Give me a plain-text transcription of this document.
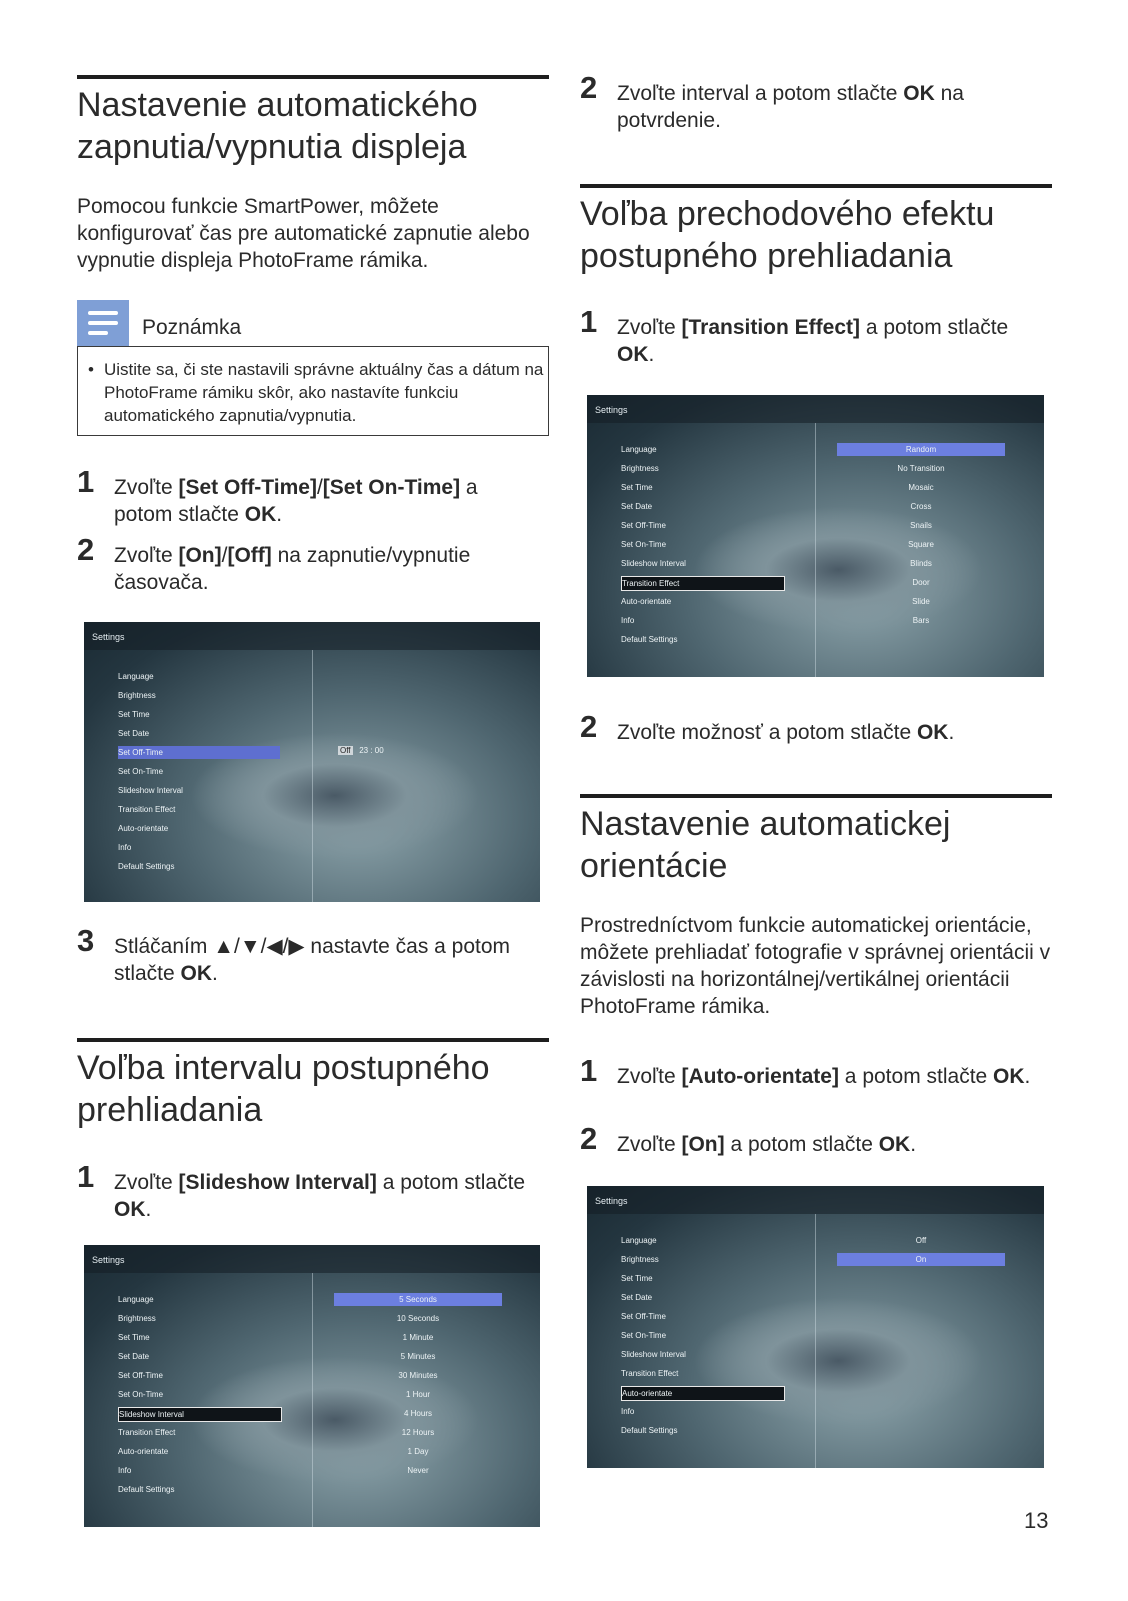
Nastavenie automatického zapnutia/vypnutia displeja

Pomocou funkcie SmartPower, môžete konfigurovať čas pre automatické zapnutie alebo vypnutie displeja PhotoFrame rámika.

Poznámka
• Uistite sa, či ste nastavili správne aktuálny čas a dátum na PhotoFrame rámiku skôr, ako nastavíte funkciu automatického zapnutia/vypnutia.
1 Zvoľte [Set Off-Time]/[Set On-Time] a potom stlačte OK.
2 Zvoľte [On]/[Off] na zapnutie/vypnutie časovača.
Settings
Language
Brightness
Set Time
Set Date
Set Off-Time
Set On-Time
Slideshow Interval
Transition Effect
Auto-orientate
Info
Default Settings
Off 23 : 00
3 Stláčaním ▲/▼/◀/▶ nastavte čas a potom stlačte OK.
Voľba intervalu postupného prehliadania
1 Zvoľte [Slideshow Interval] a potom stlačte OK.
Settings
Language
Brightness
Set Time
Set Date
Set Off-Time
Set On-Time
Slideshow Interval
Transition Effect
Auto-orientate
Info
Default Settings
5 Seconds
10 Seconds
1 Minute
5 Minutes
30 Minutes
1 Hour
4 Hours
12 Hours
1 Day
Never
2 Zvoľte interval a potom stlačte OK na potvrdenie.
Voľba prechodového efektu postupného prehliadania
1 Zvoľte [Transition Effect] a potom stlačte OK.
Settings
Language
Brightness
Set Time
Set Date
Set Off-Time
Set On-Time
Slideshow Interval
Transition Effect
Auto-orientate
Info
Default Settings
Random
No Transition
Mosaic
Cross
Snails
Square
Blinds
Door
Slide
Bars
2 Zvoľte možnosť a potom stlačte OK.
Nastavenie automatickej orientácie

Prostredníctvom funkcie automatickej orientácie, môžete prehliadať fotografie v správnej orientácii v závislosti na horizontálnej/vertikálnej orientácii PhotoFrame rámika.

1 Zvoľte [Auto-orientate] a potom stlačte OK.
2 Zvoľte [On] a potom stlačte OK.
Settings
Language
Brightness
Set Time
Set Date
Set Off-Time
Set On-Time
Slideshow Interval
Transition Effect
Auto-orientate
Info
Default Settings
Off
On
13
